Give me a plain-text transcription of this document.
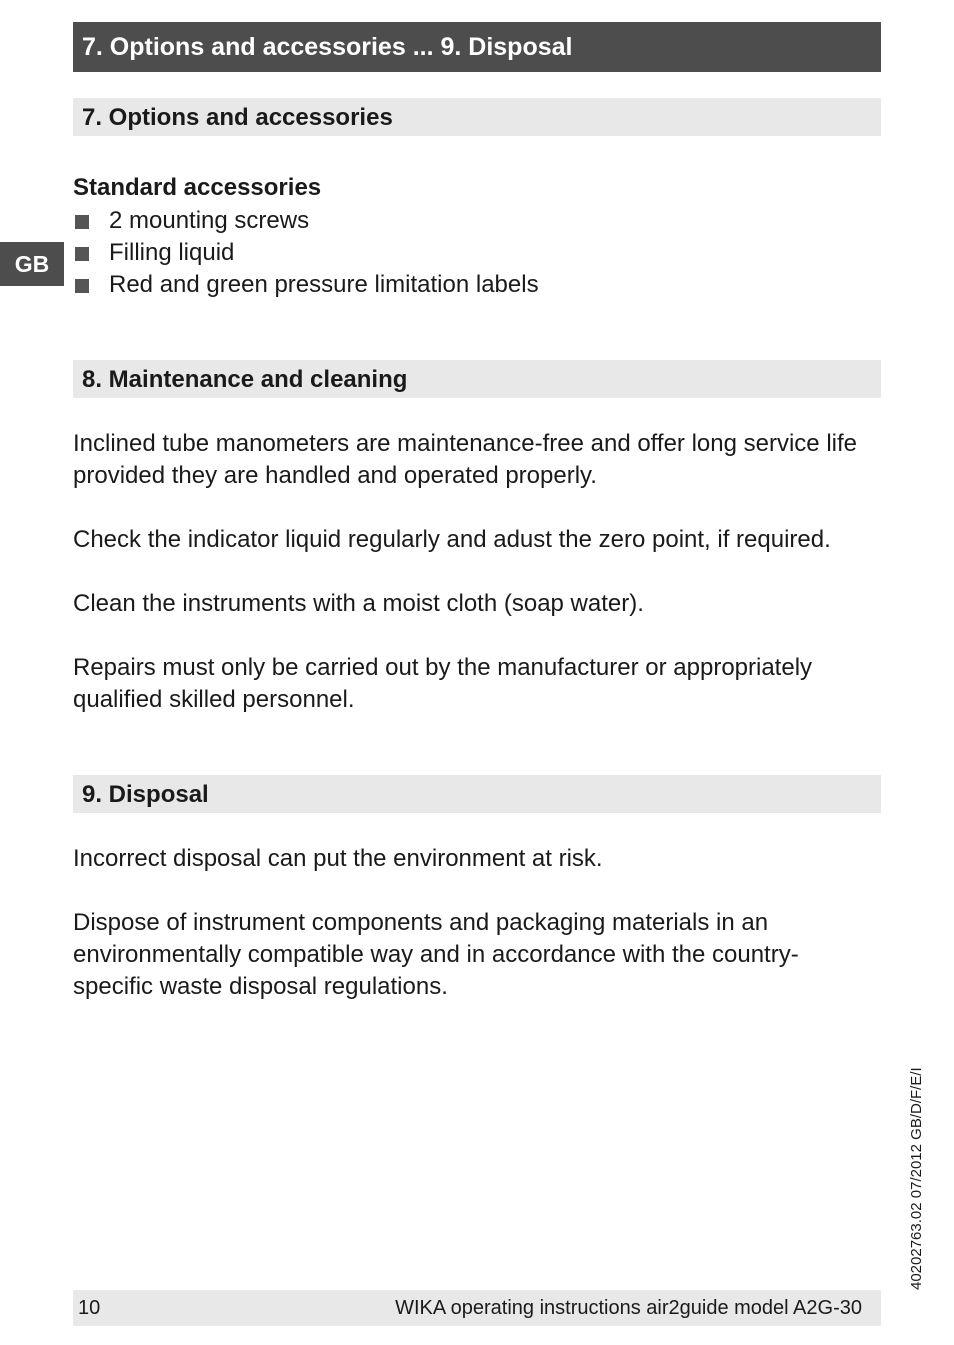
7. Options and accessories ... 9. Disposal
GB
7. Options and accessories
Standard accessories
2 mounting screws
Filling liquid
Red and green pressure limitation labels
8. Maintenance and cleaning

Inclined tube manometers are maintenance-free and offer long service life provided they are handled and operated properly.

Check the indicator liquid regularly and adust the zero point, if required.

Clean the instruments with a moist cloth (soap water).

Repairs must only be carried out by the manufacturer or appropriately qualified skilled personnel.

9. Disposal

Incorrect disposal can put the environment at risk.

Dispose of instrument components and packaging materials in an environmentally compatible way and in accordance with the country-specific waste disposal regulations.

40202763.02 07/2012 GB/D/F/E/I
10	WIKA operating instructions air2guide model A2G-30
